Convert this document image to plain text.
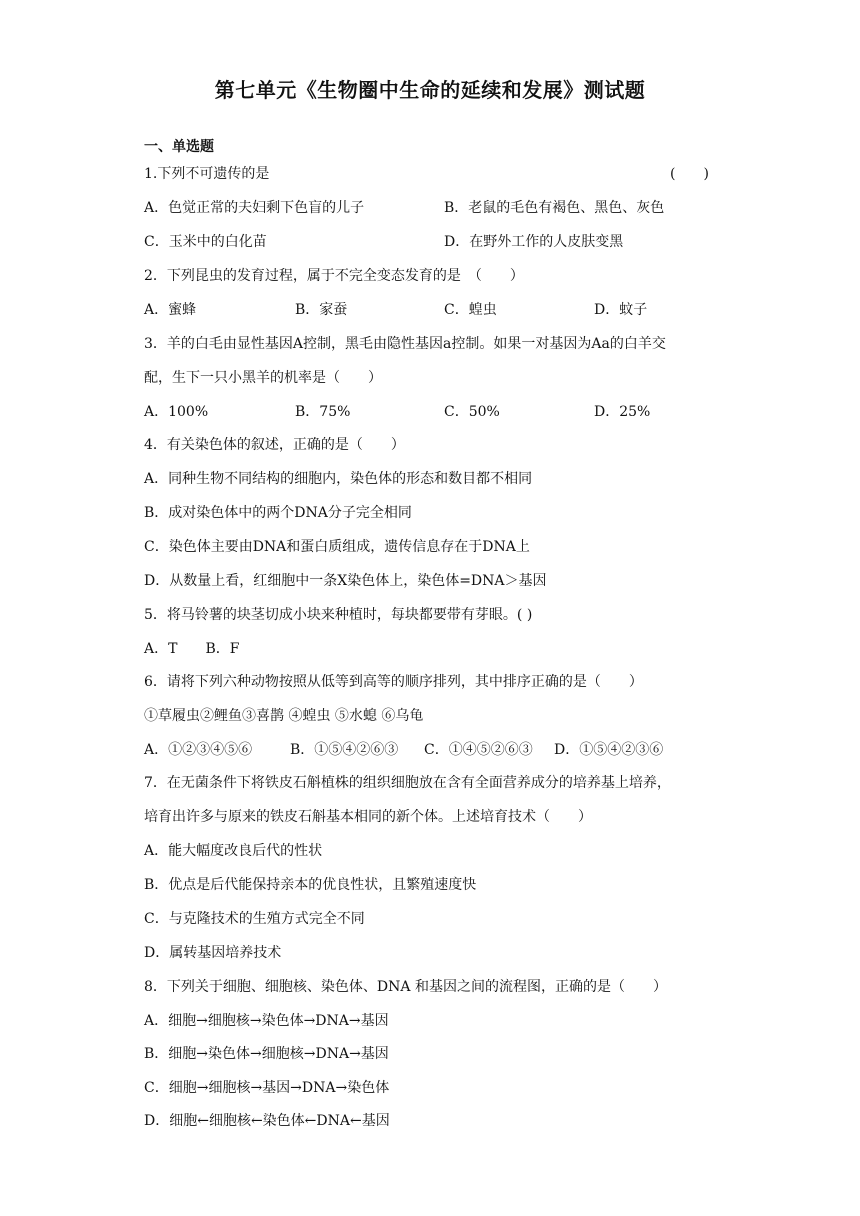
第七单元《生物圈中生命的延续和发展》测试题
一、单选题
1.下列不可遗传的是	(　　)
A．色觉正常的夫妇剩下色盲的儿子	B．老鼠的毛色有褐色、黑色、灰色
C．玉米中的白化苗	D．在野外工作的人皮肤变黑
2．下列昆虫的发育过程，属于不完全变态发育的是　（　　）
A．蜜蜂	B．家蚕	C．蝗虫	D．蚊子
3．羊的白毛由显性基因A控制，黑毛由隐性基因a控制。如果一对基因为Aa的白羊交
配，生下一只小黑羊的机率是（　　）
A．100%	B．75%	C．50%	D．25%
4．有关染色体的叙述，正确的是（　　）
A．同种生物不同结构的细胞内，染色体的形态和数目都不相同
B．成对染色体中的两个DNA分子完全相同
C．染色体主要由DNA和蛋白质组成，遗传信息存在于DNA上
D．从数量上看，红细胞中一条X染色体上，染色体=DNA＞基因
5．将马铃薯的块茎切成小块来种植时，每块都要带有芽眼。( )
A．T　　B．F
6．请将下列六种动物按照从低等到高等的顺序排列，其中排序正确的是（　　）
①草履虫②鲤鱼③喜鹊 ④蝗虫 ⑤水螅 ⑥乌龟
A．①②③④⑤⑥	B．①⑤④②⑥③ C．①④⑤②⑥③ D．①⑤④②③⑥
7．在无菌条件下将铁皮石斛植株的组织细胞放在含有全面营养成分的培养基上培养，
培育出许多与原来的铁皮石斛基本相同的新个体。上述培育技术（　　）
A．能大幅度改良后代的性状
B．优点是后代能保持亲本的优良性状，且繁殖速度快
C．与克隆技术的生殖方式完全不同
D．属转基因培养技术
8．下列关于细胞、细胞核、染色体、DNA 和基因之间的流程图，正确的是（　　）
A．细胞→细胞核→染色体→DNA→基因
B．细胞→染色体→细胞核→DNA→基因
C．细胞→细胞核→基因→DNA→染色体
D．细胞←细胞核←染色体←DNA←基因
